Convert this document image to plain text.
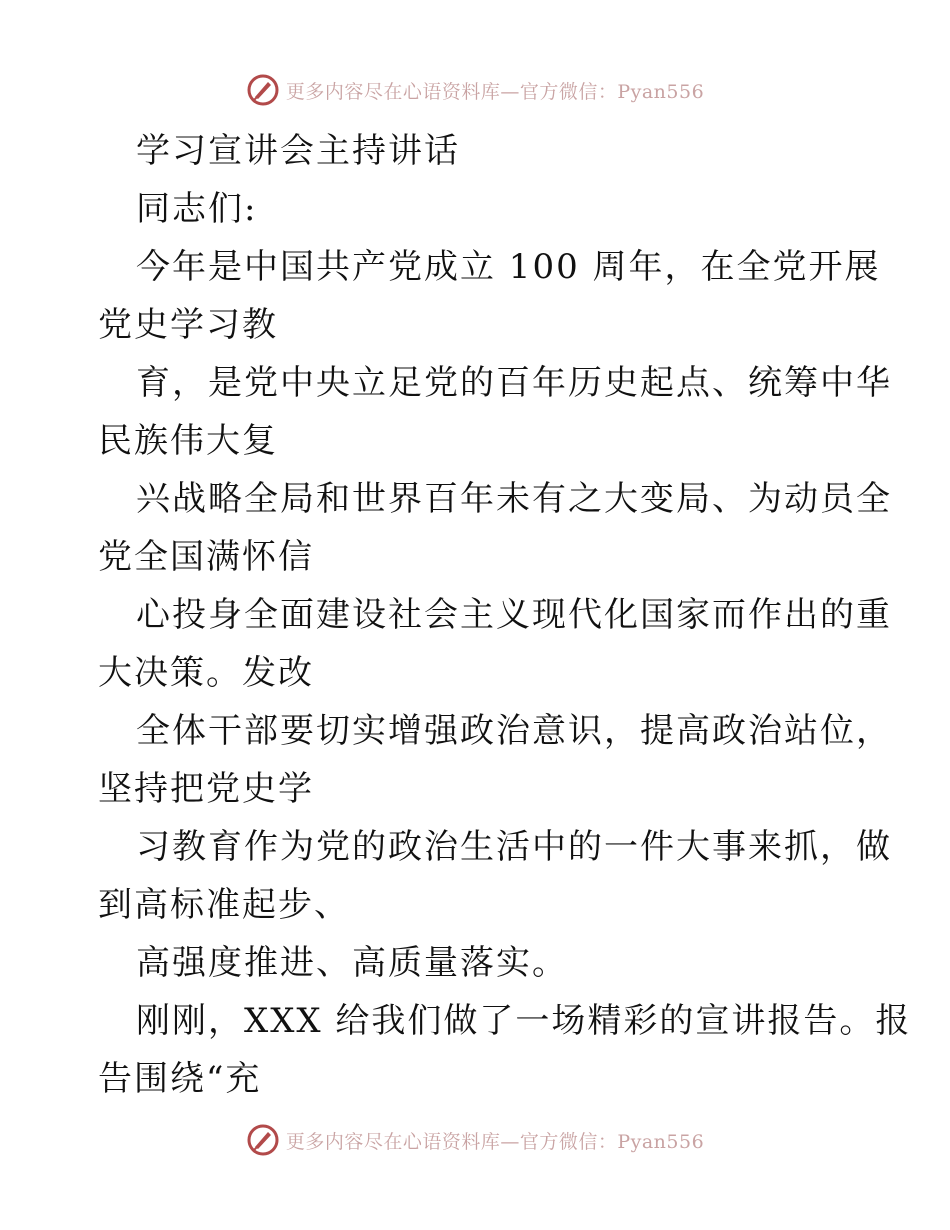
更多内容尽在心语资料库—官方微信：Pyan556
学习宣讲会主持讲话
同志们:
今年是中国共产党成立 100 周年，在全党开展
党史学习教
育，是党中央立足党的百年历史起点、统筹中华
民族伟大复
兴战略全局和世界百年未有之大变局、为动员全
党全国满怀信
心投身全面建设社会主义现代化国家而作出的重
大决策。发改
全体干部要切实增强政治意识，提高政治站位，
坚持把党史学
习教育作为党的政治生活中的一件大事来抓，做
到高标准起步、
高强度推进、高质量落实。
刚刚，XXX 给我们做了一场精彩的宣讲报告。报
告围绕“充
更多内容尽在心语资料库—官方微信：Pyan556
